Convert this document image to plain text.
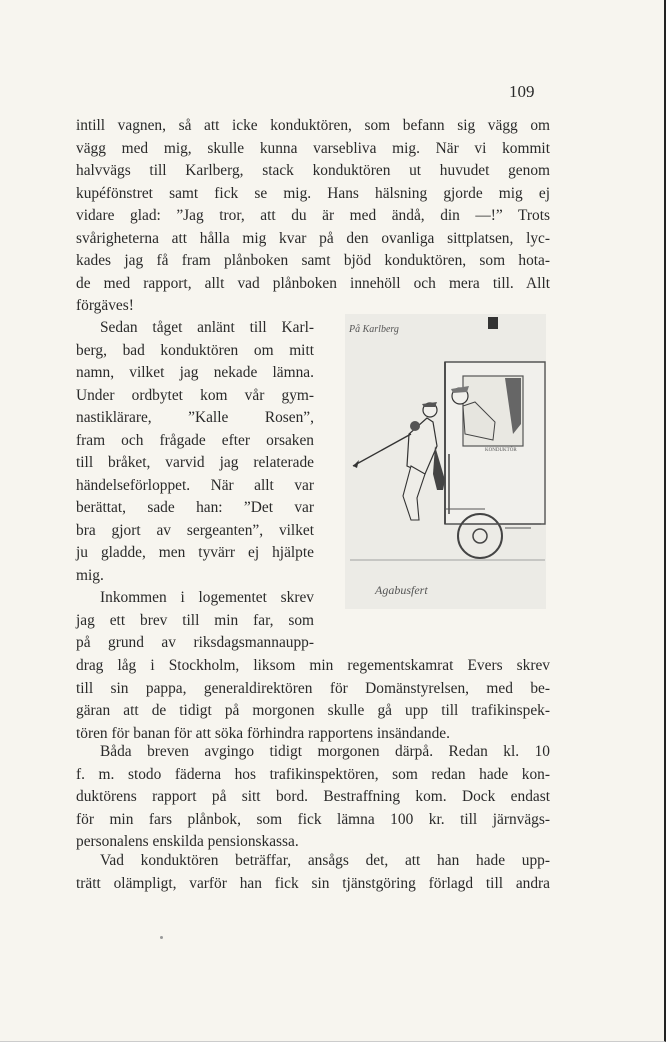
109
intill vagnen, så att icke konduktören, som befann sig vägg om
vägg med mig, skulle kunna varsebliva mig. När vi kommit
halvvägs till Karlberg, stack konduktören ut huvudet genom
kupéfönstret samt fick se mig. Hans hälsning gjorde mig ej
vidare glad: ”Jag tror, att du är med ändå, din —!” Trots
svårigheterna att hålla mig kvar på den ovanliga sittplatsen, lyc-
kades jag få fram plånboken samt bjöd konduktören, som hota-
de med rapport, allt vad plånboken innehöll och mera till. Allt
förgäves!
Sedan tåget anlänt till Karl-
berg, bad konduktören om mitt
namn, vilket jag nekade lämna.
Under ordbytet kom vår gym-
nastiklärare, ”Kalle Rosen”,
fram och frågade efter orsaken
till bråket, varvid jag relaterade
händelseförloppet. När allt var
berättat, sade han: ”Det var
bra gjort av sergeanten”, vilket
ju gladde, men tyvärr ej hjälpte
mig.
Inkommen i logementet skrev
jag ett brev till min far, som
på grund av riksdagsmannaupp-
drag låg i Stockholm, liksom min regementskamrat Evers skrev
till sin pappa, generaldirektören för Domänstyrelsen, med be-
gäran att de tidigt på morgonen skulle gå upp till trafikinspek-
tören för banan för att söka förhindra rapportens insändande.
Båda breven avgingo tidigt morgonen därpå. Redan kl. 10
f. m. stodo fäderna hos trafikinspektören, som redan hade kon-
duktörens rapport på sitt bord. Bestraffning kom. Dock endast
för min fars plånbok, som fick lämna 100 kr. till järnvägs-
personalens enskilda pensionskassa.
Vad konduktören beträffar, ansågs det, att han hade upp-
trätt olämpligt, varför han fick sin tjänstgöring förlagd till andra
På Karlberg
KONDUKTÖR
Agabusfert
